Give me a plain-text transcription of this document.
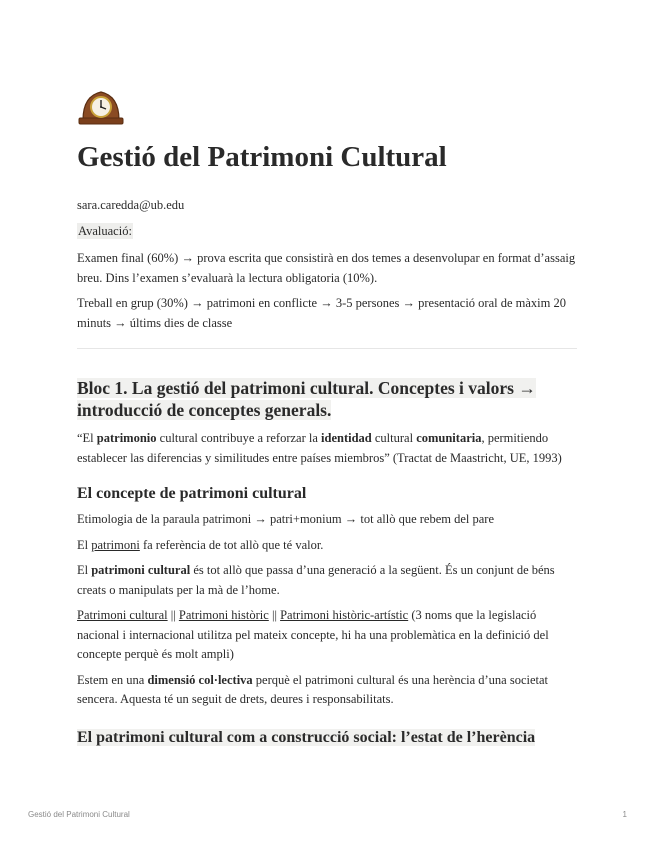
Gestió del Patrimoni Cultural
sara.caredda@ub.edu
Avaluació:

Examen final (60%) → prova escrita que consistirà en dos temes a desenvolupar en format d’assaig breu. Dins l’examen s’evaluarà la lectura obligatoria (10%).

Treball en grup (30%) → patrimoni en conflicte → 3-5 persones → presentació oral de màxim 20 minuts → últims dies de classe

Bloc 1. La gestió del patrimoni cultural. Conceptes i valors → introducció de conceptes generals.

“El patrimonio cultural contribuye a reforzar la identidad cultural comunitaria, permitiendo establecer las diferencias y similitudes entre países miembros” (Tractat de Maastricht, UE, 1993)

El concepte de patrimoni cultural

Etimologia de la paraula patrimoni → patri+monium → tot allò que rebem del pare

El patrimoni fa referència de tot allò que té valor.

El patrimoni cultural és tot allò que passa d’una generació a la següent. És un conjunt de béns creats o manipulats per la mà de l’home.

Patrimoni cultural || Patrimoni històric || Patrimoni històric-artístic (3 noms que la legislació nacional i internacional utilitza pel mateix concepte, hi ha una problemàtica en la definició del concepte perquè és molt ampli)

Estem en una dimensió col·lectiva perquè el patrimoni cultural és una herència d’una societat sencera. Aquesta té un seguit de drets, deures i responsabilitats.

El patrimoni cultural com a construcció social: l’estat de l’herència
Gestió del Patrimoni Cultural	1
